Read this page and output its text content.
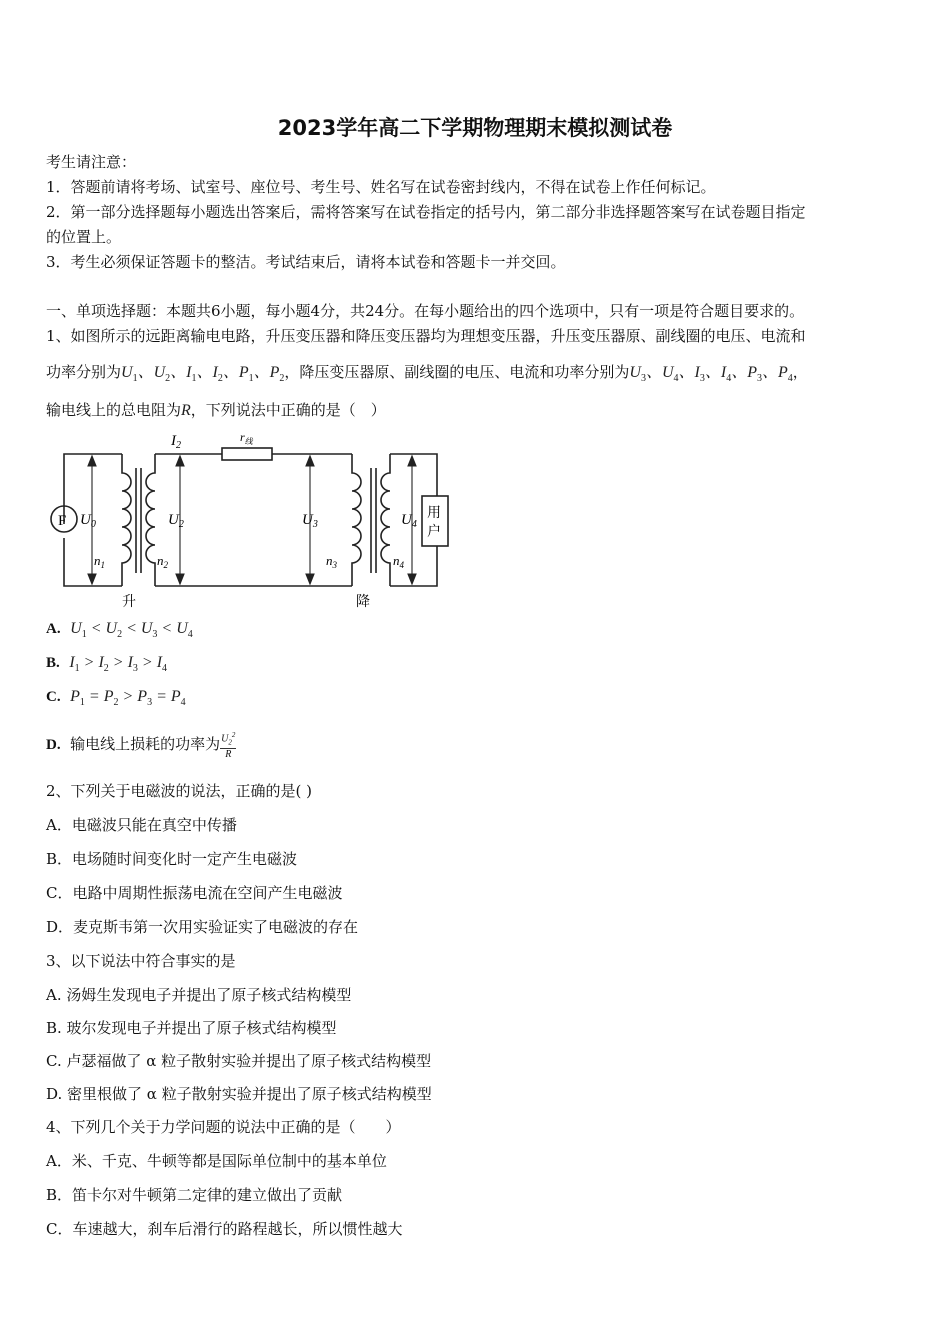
2023学年高二下学期物理期末模拟测试卷
考生请注意：
1．答题前请将考场、试室号、座位号、考生号、姓名写在试卷密封线内，不得在试卷上作任何标记。
2．第一部分选择题每小题选出答案后，需将答案写在试卷指定的括号内，第二部分非选择题答案写在试卷题目指定
的位置上。
3．考生必须保证答题卡的整洁。考试结束后，请将本试卷和答题卡一并交回。
一、单项选择题：本题共6小题，每小题4分，共24分。在每小题给出的四个选项中，只有一项是符合题目要求的。
1、如图所示的远距离输电电路，升压变压器和降压变压器均为理想变压器，升压变压器原、副线圈的电压、电流和
功率分别为$U_1$、$U_2$、$I_1$、$I_2$、$P_1$、$P_2$，降压变压器原、副线圈的电压、电流和功率分别为$U_3$、$U_4$、$I_3$、$I_4$、$P_3$、$P_4$，
输电线上的总电阻为R，下列说法中正确的是（　）
$I_2$
$r_线$
F $U_0$	$U_2$	$U_3$	$U_4$
$n_1$	$n_2$	$n_3$	$n_4$
用
户
升	降
A. $U_1 < U_2 < U_3 < U_4$
B. $I_1 > I_2 > I_3 > I_4$
C. $P_1 = P_2 > P_3 = P_4$
D. 输电线上损耗的功率为 $\frac{U_2^2}{R}$
2、下列关于电磁波的说法，正确的是( )
A．电磁波只能在真空中传播
B．电场随时间变化时一定产生电磁波
C．电路中周期性振荡电流在空间产生电磁波
D．麦克斯韦第一次用实验证实了电磁波的存在
3、以下说法中符合事实的是
A. 汤姆生发现电子并提出了原子核式结构模型
B. 玻尔发现电子并提出了原子核式结构模型
C. 卢瑟福做了 α 粒子散射实验并提出了原子核式结构模型
D. 密里根做了 α 粒子散射实验并提出了原子核式结构模型
4、下列几个关于力学问题的说法中正确的是（　　）
A．米、千克、牛顿等都是国际单位制中的基本单位
B．笛卡尔对牛顿第二定律的建立做出了贡献
C．车速越大，刹车后滑行的路程越长，所以惯性越大
